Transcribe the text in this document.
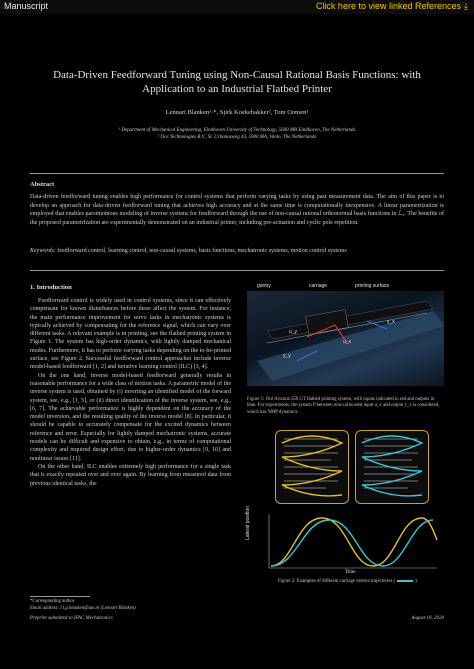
Manuscript	Click here to view linked References ⤓
Data-Driven Feedforward Tuning using Non-Causal Rational Basis Functions: with Application to an Industrial Flatbed Printer
Lennart Blanken¹·*, Sjirk Koekebakker², Tom Oomen¹
¹ Department of Mechanical Engineering, Eindhoven University of Technology, 5600 MB Eindhoven, The Netherlands
² Océ Technologies B.V., St. Urbanusweg 43, 5900 MA, Venlo, The Netherlands
Abstract
Data-driven feedforward tuning enables high performance for control systems that perform varying tasks by using past measurement data. The aim of this paper is to develop an approach for data-driven feedforward tuning that achieves high accuracy and at the same time is computationally inexpensive. A linear parametrization is employed that enables parsimonious modeling of inverse systems for feedforward through the use of non-causal rational orthonormal basis functions in ℒ₂. The benefits of the proposed parametrization are experimentally demonstrated on an industrial printer, including pre-actuation and cyclic pole repetition.
Keywords: feedforward control, learning control, non-causal systems, basis functions, mechatronic systems, motion control systems
1. Introduction

Feedforward control is widely used in control systems, since it can effectively compensate for known disturbances before these affect the system. For instance, the main performance improvement for servo tasks in mechatronic systems is typically achieved by compensating for the reference signal, which can vary over different tasks. A relevant example is in printing, see the flatbed printing system in Figure 1. The system has high-order dynamics, with lightly damped mechanical modes. Furthermore, it has to perform varying tasks depending on the to-be-printed surface, see Figure 2. Successful feedforward control approaches include inverse model-based feedforward [1, 2] and iterative learning control (ILC) [3, 4].

On the one hand, inverse model-based feedforward generally results in reasonable performance for a wide class of motion tasks. A parametric model of the inverse system is used, obtained by (i) inverting an identified model of the forward system, see, e.g., [1, 5], or (ii) direct identification of the inverse system, see, e.g., [6, 7]. The achievable performance is highly dependent on the accuracy of the model inversion, and the resulting quality of the inverse model [8]. In particular, it should be capable to accurately compensate for the excited dynamics between reference and error. Especially for lightly damped mechatronic systems, accurate models can be difficult and expensive to obtain, e.g., in terms of computational complexity and required design effort, due to higher-order dynamics [9, 10] and nonlinear issues [11].

On the other hand, ILC enables extremely high performance for a single task that is exactly repeated over and over again. By learning from measured data from previous identical tasks, the

*Corresponding author
Email address: l.l.g.blanken@tue.nl (Lennart Blanken)
Preprint submitted to IFAC Mechatronics	August 18, 2020
gantry	carriage	printing surface
u_y
y_y
u_x
y_x
Figure 1: Océ Arizona 550 GT flatbed printing system, with inputs indicated in red and outputs in blue. For experiments, the system P between non-collocated input u_x and output y_x is considered, which has NMP dynamics.
Lateral position
Time
Figure 2: Examples of different carriage motion trajectories (	).
